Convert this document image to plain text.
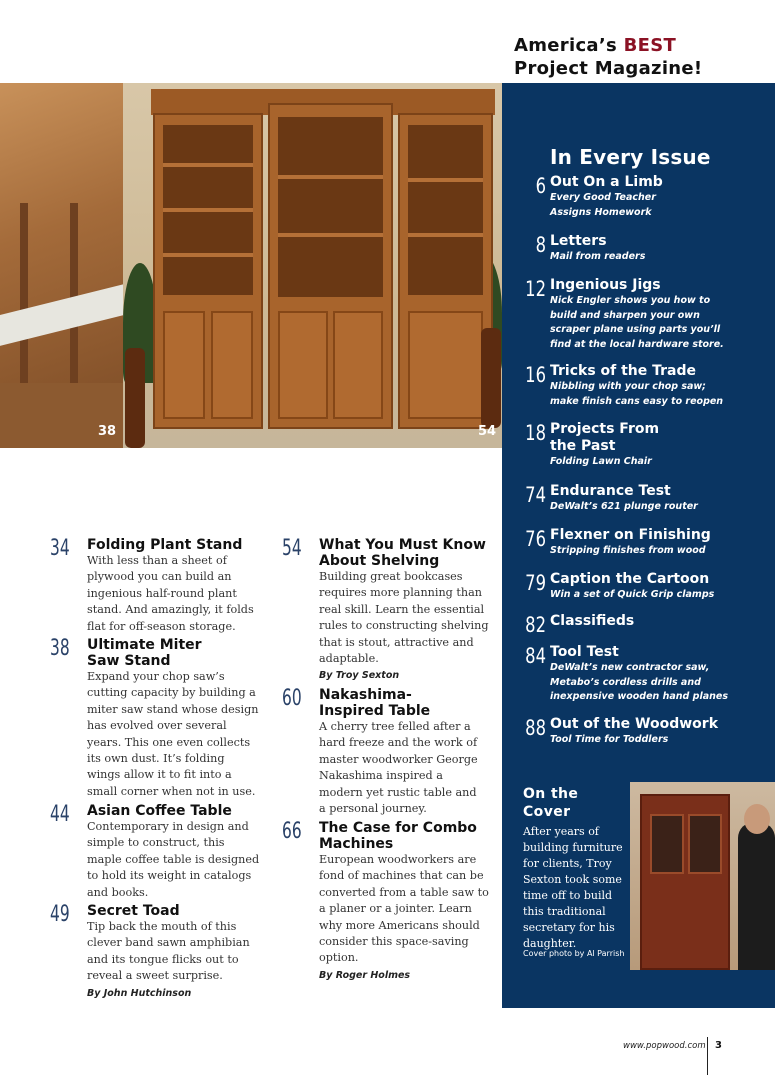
America’s BEST
Project Magazine!
38	54
34 Folding Plant Stand

With less than a sheet of plywood you can build an ingenious half-round plant stand. And amazingly, it folds flat for off-season storage.

38 Ultimate Miter Saw Stand

Expand your chop saw’s cutting capacity by building a miter saw stand whose design has evolved over several years. This one even collects its own dust. It’s folding wings allow it to fit into a small corner when not in use.

44 Asian Coffee Table

Contemporary in design and simple to construct, this maple coffee table is designed to hold its weight in catalogs and books.

49 Secret Toad

Tip back the mouth of this clever band sawn amphibian and its tongue flicks out to reveal a sweet surprise.

By John Hutchinson
54 What You Must Know About Shelving

Building great bookcases requires more planning than real skill. Learn the essential rules to constructing shelving that is stout, attractive and adaptable.

By Troy Sexton
60 Nakashima-Inspired Table

A cherry tree felled after a hard freeze and the work of master woodworker George Nakashima inspired a modern yet rustic table and a personal journey.

66 The Case for Combo Machines

European woodworkers are fond of machines that can be converted from a table saw to a planer or a jointer. Learn why more Americans should consider this space-saving option.

By Roger Holmes
In Every Issue
6 Out On a Limb
Every Good Teacher Assigns Homework
8 Letters
Mail from readers
12 Ingenious Jigs
Nick Engler shows you how to build and sharpen your own scraper plane using parts you’ll find at the local hardware store.
16 Tricks of the Trade
Nibbling with your chop saw; make finish cans easy to reopen
18 Projects From the Past
Folding Lawn Chair
74 Endurance Test
DeWalt’s 621 plunge router
76 Flexner on Finishing
Stripping finishes from wood
79 Caption the Cartoon
Win a set of Quick Grip clamps
82 Classifieds
84 Tool Test
DeWalt’s new contractor saw, Metabo’s cordless drills and inexpensive wooden hand planes
88 Out of the Woodwork
Tool Time for Toddlers
On the
Cover
After years of building furniture for clients, Troy Sexton took some time off to build this traditional secretary for his daughter.
Cover photo by Al Parrish
www.popwood.com 3
